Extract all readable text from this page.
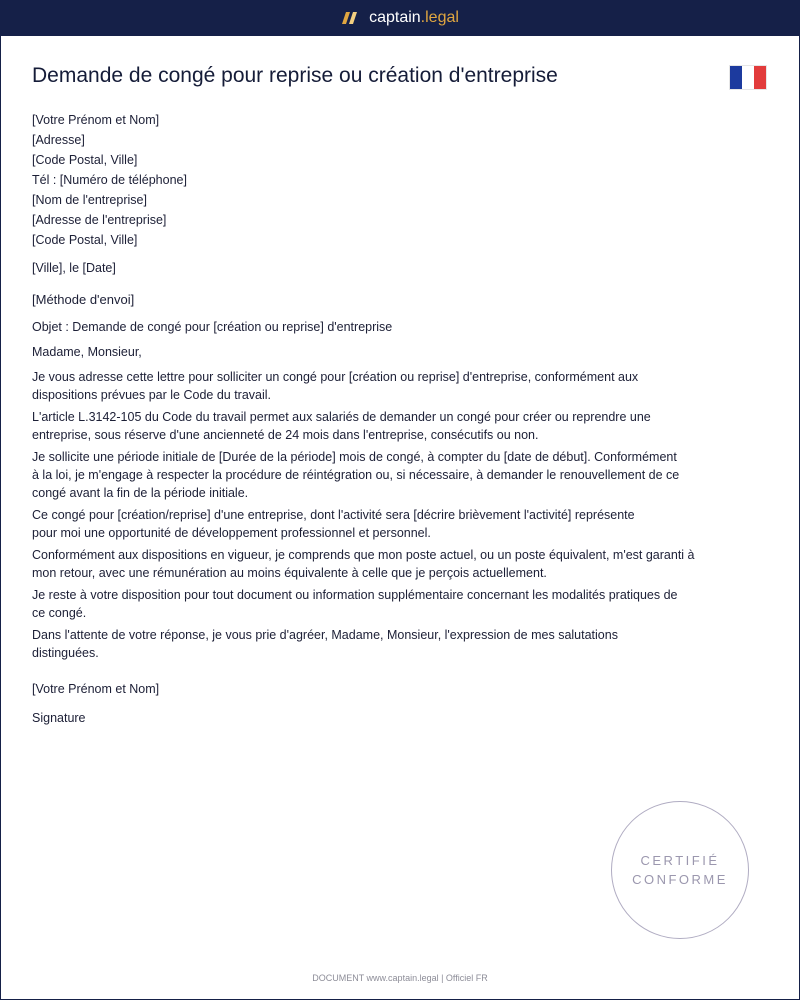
captain.legal
Demande de congé pour reprise ou création d'entreprise
[Votre Prénom et Nom]
[Adresse]
[Code Postal, Ville]
Tél : [Numéro de téléphone]
[Nom de l'entreprise]
[Adresse de l'entreprise]
[Code Postal, Ville]
[Ville], le [Date]
[Méthode d'envoi]
Objet : Demande de congé pour [création ou reprise] d'entreprise
Madame, Monsieur,
Je vous adresse cette lettre pour solliciter un congé pour [création ou reprise] d'entreprise, conformément aux
dispositions prévues par le Code du travail.
L'article L.3142-105 du Code du travail permet aux salariés de demander un congé pour créer ou reprendre une
entreprise, sous réserve d'une ancienneté de 24 mois dans l'entreprise, consécutifs ou non.
Je sollicite une période initiale de [Durée de la période] mois de congé, à compter du [date de début]. Conformément
à la loi, je m'engage à respecter la procédure de réintégration ou, si nécessaire, à demander le renouvellement de ce
congé avant la fin de la période initiale.
Ce congé pour [création/reprise] d'une entreprise, dont l'activité sera [décrire brièvement l'activité] représente
pour moi une opportunité de développement professionnel et personnel.
Conformément aux dispositions en vigueur, je comprends que mon poste actuel, ou un poste équivalent, m'est garanti à
mon retour, avec une rémunération au moins équivalente à celle que je perçois actuellement.
Je reste à votre disposition pour tout document ou information supplémentaire concernant les modalités pratiques de
ce congé.
Dans l'attente de votre réponse, je vous prie d'agréer, Madame, Monsieur, l'expression de mes salutations
distinguées.
[Votre Prénom et Nom]
Signature
CERTIFIÉ
CONFORME
DOCUMENT www.captain.legal | Officiel FR
